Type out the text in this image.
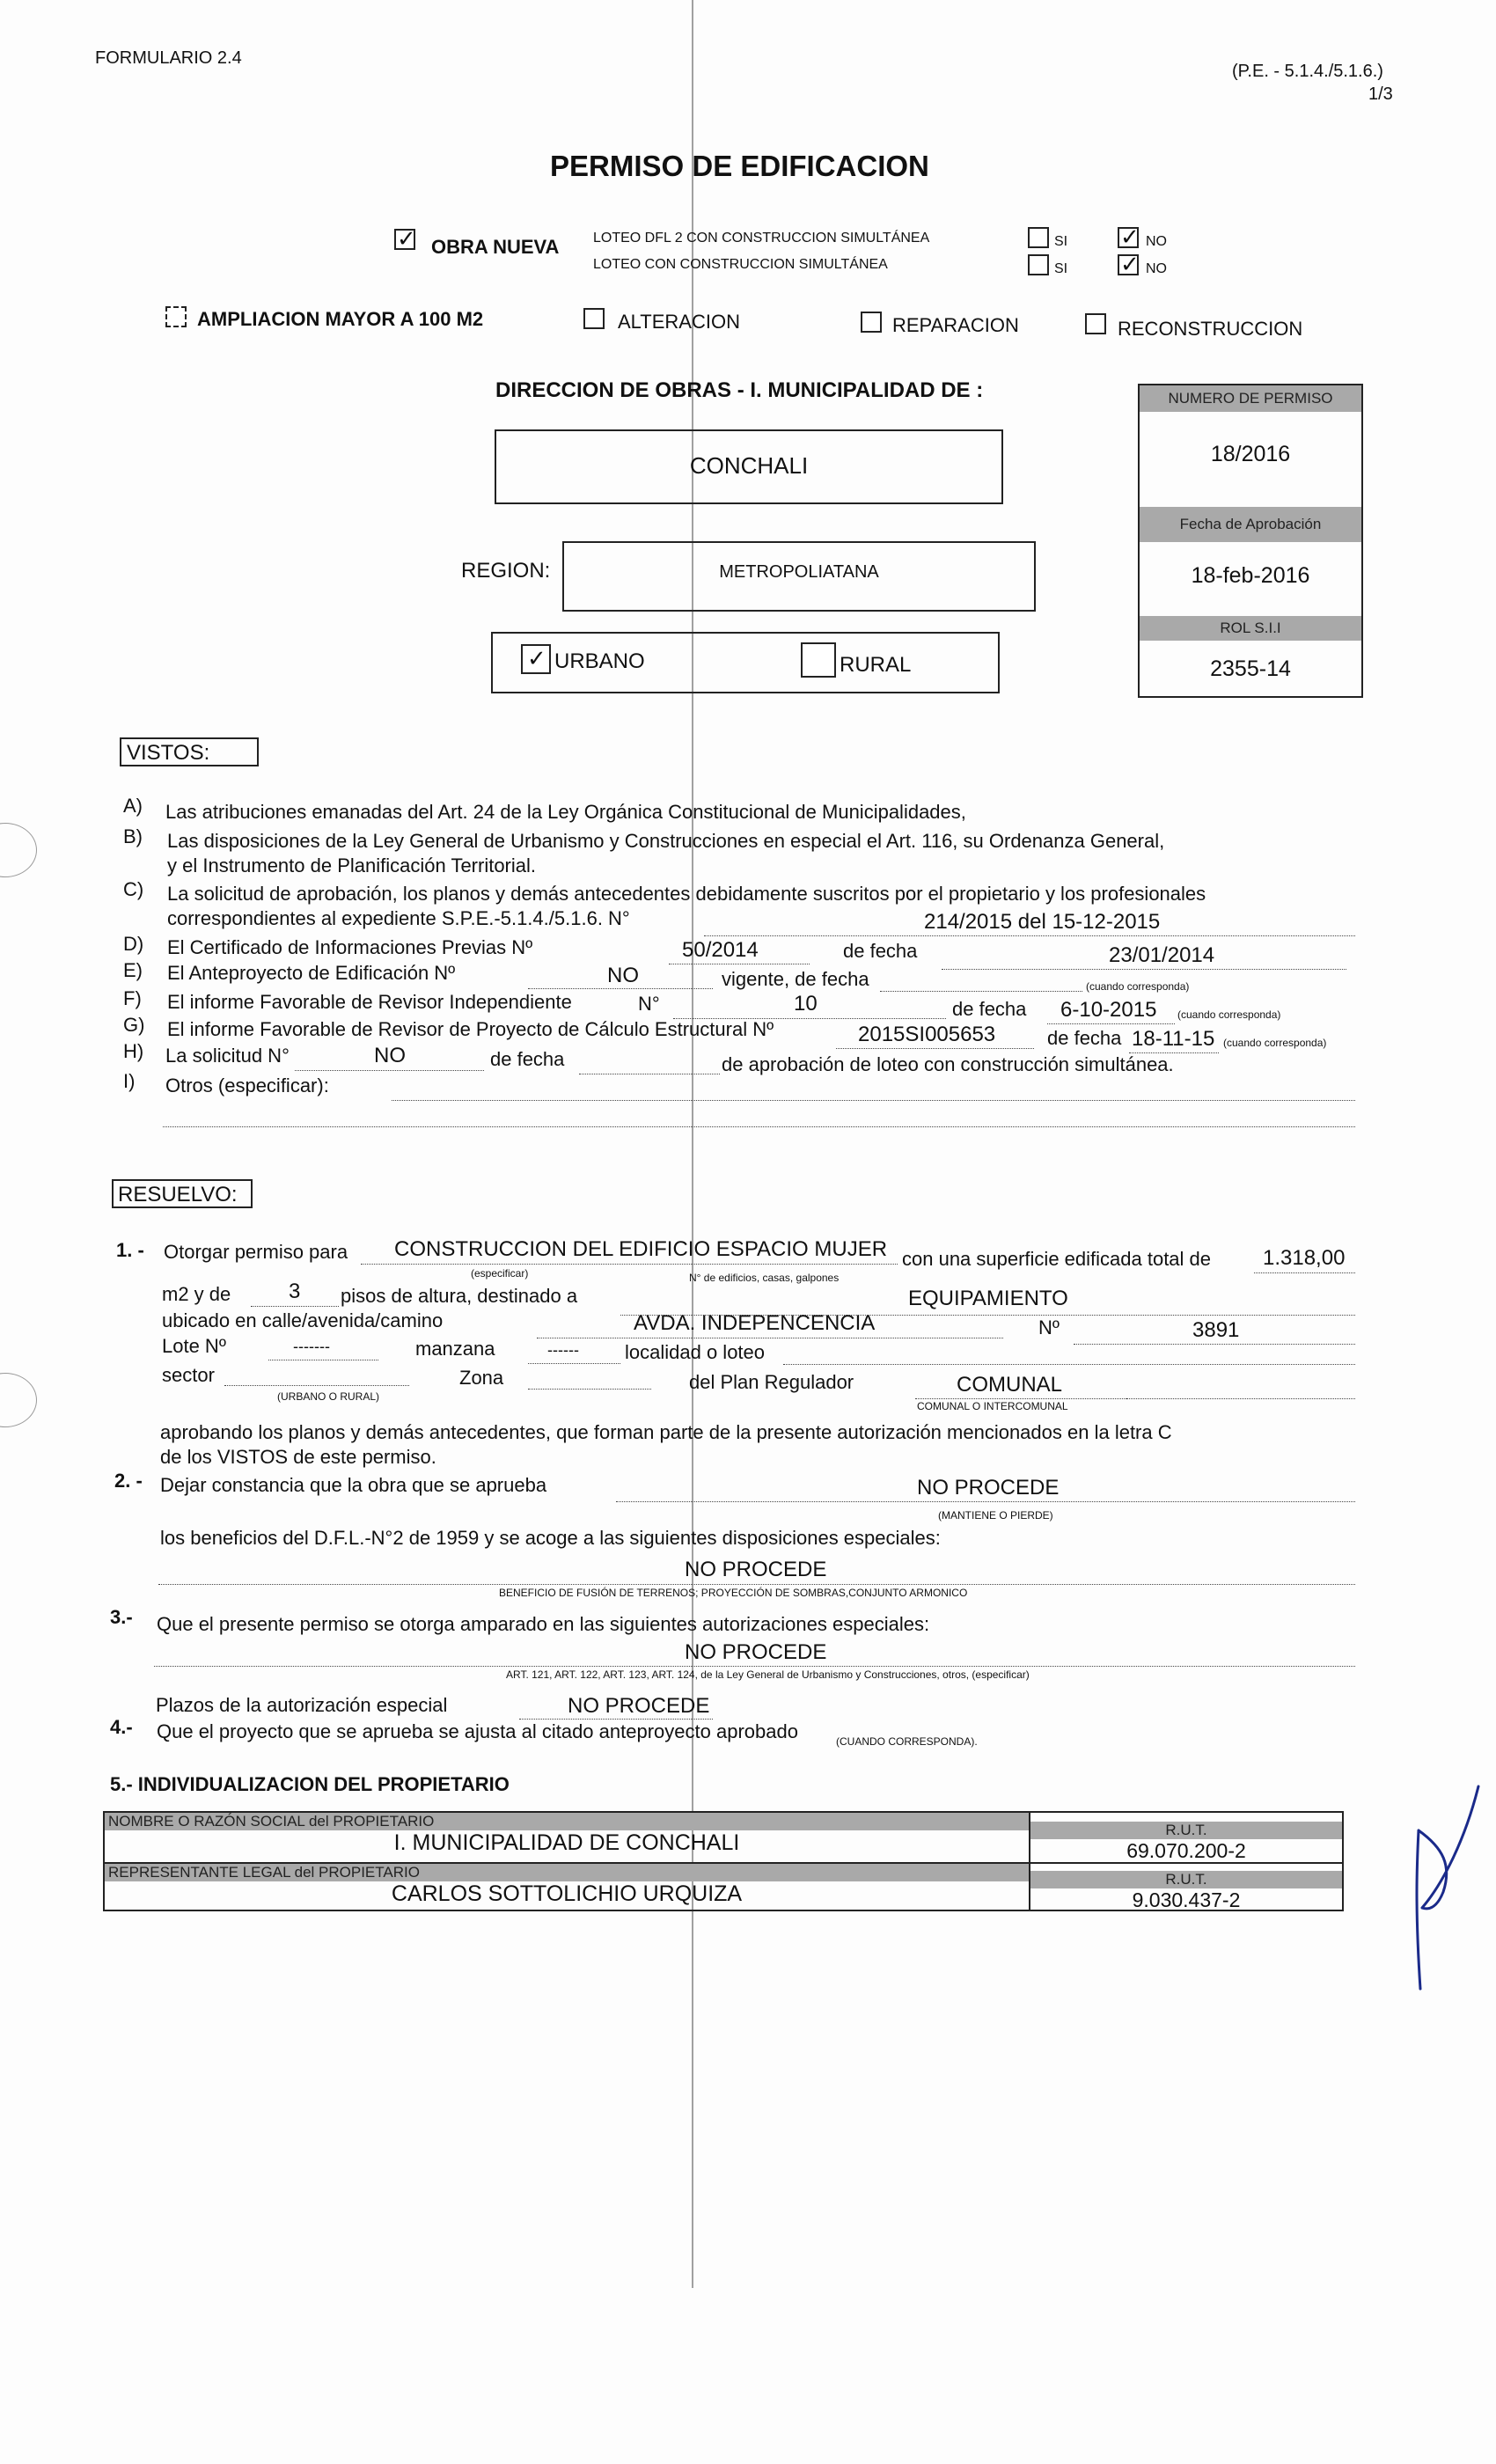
FORMULARIO 2.4
(P.E. - 5.1.4./5.1.6.)
1/3
PERMISO DE EDIFICACION
✓ OBRA NUEVA LOTEO DFL 2 CON CONSTRUCCION SIMULTÁNEA
LOTEO CON CONSTRUCCION SIMULTÁNEA
SI ✓ NO
SI ✓ NO
AMPLIACION MAYOR A 100 M2	ALTERACION	REPARACION	RECONSTRUCCION
DIRECCION DE OBRAS - I. MUNICIPALIDAD DE :
CONCHALI
REGION:	METROPOLIATANA
✓ URBANO	RURAL
NUMERO DE PERMISO
18/2016
Fecha de Aprobación
18-feb-2016
ROL S.I.I
2355-14
VISTOS:
A) Las atribuciones emanadas del Art. 24 de la Ley Orgánica Constitucional de Municipalidades,
B) Las disposiciones de la Ley General de Urbanismo y Construcciones en especial el Art. 116, su Ordenanza General,
y el Instrumento de Planificación Territorial.
C) La solicitud de aprobación, los planos y demás antecedentes debidamente suscritos por el propietario y los profesionales
correspondientes al expediente S.P.E.-5.1.4./5.1.6. N°	214/2015 del 15-12-2015
D) El Certificado de Informaciones Previas Nº	50/2014	de fecha	23/01/2014
E) El Anteproyecto de Edificación Nº	NO	vigente, de fecha	(cuando corresponda)
F) El informe Favorable de Revisor Independiente	N°	10	de fecha 6-10-2015 (cuando corresponda)
G) El informe Favorable de Revisor de Proyecto de Cálculo Estructural Nº	2015SI005653	de fecha 18-11-15 (cuando corresponda)
H) La solicitud N°	NO	de fecha	de aprobación de loteo con construcción simultánea.
I) Otros (especificar):
RESUELVO:
1. - Otorgar permiso para CONSTRUCCION DEL EDIFICIO ESPACIO MUJER
(especificar)	N° de edificios, casas, galpones
con una superficie edificada total de 1.318,00
m2 y de	3 pisos de altura, destinado a	EQUIPAMIENTO
ubicado en calle/avenida/camino	AVDA. INDEPENCENCIA	Nº	3891
Lote Nº	-------	manzana	------ localidad o loteo
sector
(URBANO O RURAL)
Zona	del Plan Regulador	COMUNAL
COMUNAL O INTERCOMUNAL
aprobando los planos y demás antecedentes, que forman parte de la presente autorización mencionados en la letra C
de los VISTOS de este permiso.
2. - Dejar constancia que la obra que se aprueba	NO PROCEDE
(MANTIENE O PIERDE)
los beneficios del D.F.L.-N°2 de 1959 y se acoge a las siguientes disposiciones especiales:
NO PROCEDE
BENEFICIO DE FUSIÓN DE TERRENOS; PROYECCIÓN DE SOMBRAS,CONJUNTO ARMONICO
3.- Que el presente permiso se otorga amparado en las siguientes autorizaciones especiales:
NO PROCEDE
ART. 121, ART. 122, ART. 123, ART. 124, de la Ley General de Urbanismo y Construcciones, otros, (especificar)
Plazos de la autorización especial	NO PROCEDE
4.- Que el proyecto que se aprueba se ajusta al citado anteproyecto aprobado	(CUANDO CORRESPONDA).
5.- INDIVIDUALIZACION DEL PROPIETARIO
NOMBRE O RAZÓN SOCIAL del PROPIETARIO
I. MUNICIPALIDAD DE CONCHALI
R.U.T.
69.070.200-2
REPRESENTANTE LEGAL del PROPIETARIO
CARLOS SOTTOLICHIO URQUIZA
R.U.T.
9.030.437-2
